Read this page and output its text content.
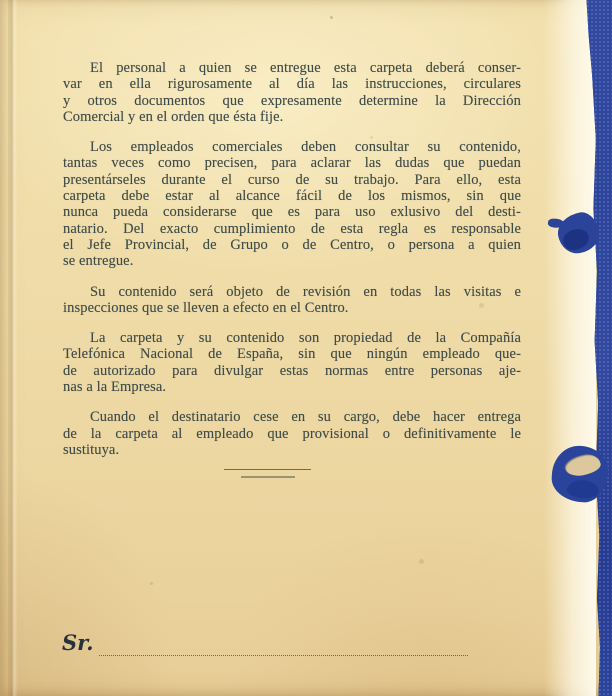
El personal a quien se entregue esta carpeta deberá conser-
var en ella rigurosamente al día las instrucciones, circulares
y otros documentos que expresamente determine la Dirección
Comercial y en el orden que ésta fije.
Los empleados comerciales deben consultar su contenido,
tantas veces como precisen, para aclarar las dudas que puedan
presentárseles durante el curso de su trabajo. Para ello, esta
carpeta debe estar al alcance fácil de los mismos, sin que
nunca pueda considerarse que es para uso exlusivo del desti-
natario. Del exacto cumplimiento de esta regla es responsable
el Jefe Provincial, de Grupo o de Centro, o persona a quien
se entregue.
Su contenido será objeto de revisión en todas las visitas e
inspecciones que se lleven a efecto en el Centro.
La carpeta y su contenido son propiedad de la Compañía
Telefónica Nacional de España, sin que ningún empleado que-
de autorizado para divulgar estas normas entre personas aje-
nas a la Empresa.
Cuando el destinatario cese en su cargo, debe hacer entrega
de la carpeta al empleado que provisional o definitivamente le
sustituya.
Sr.
